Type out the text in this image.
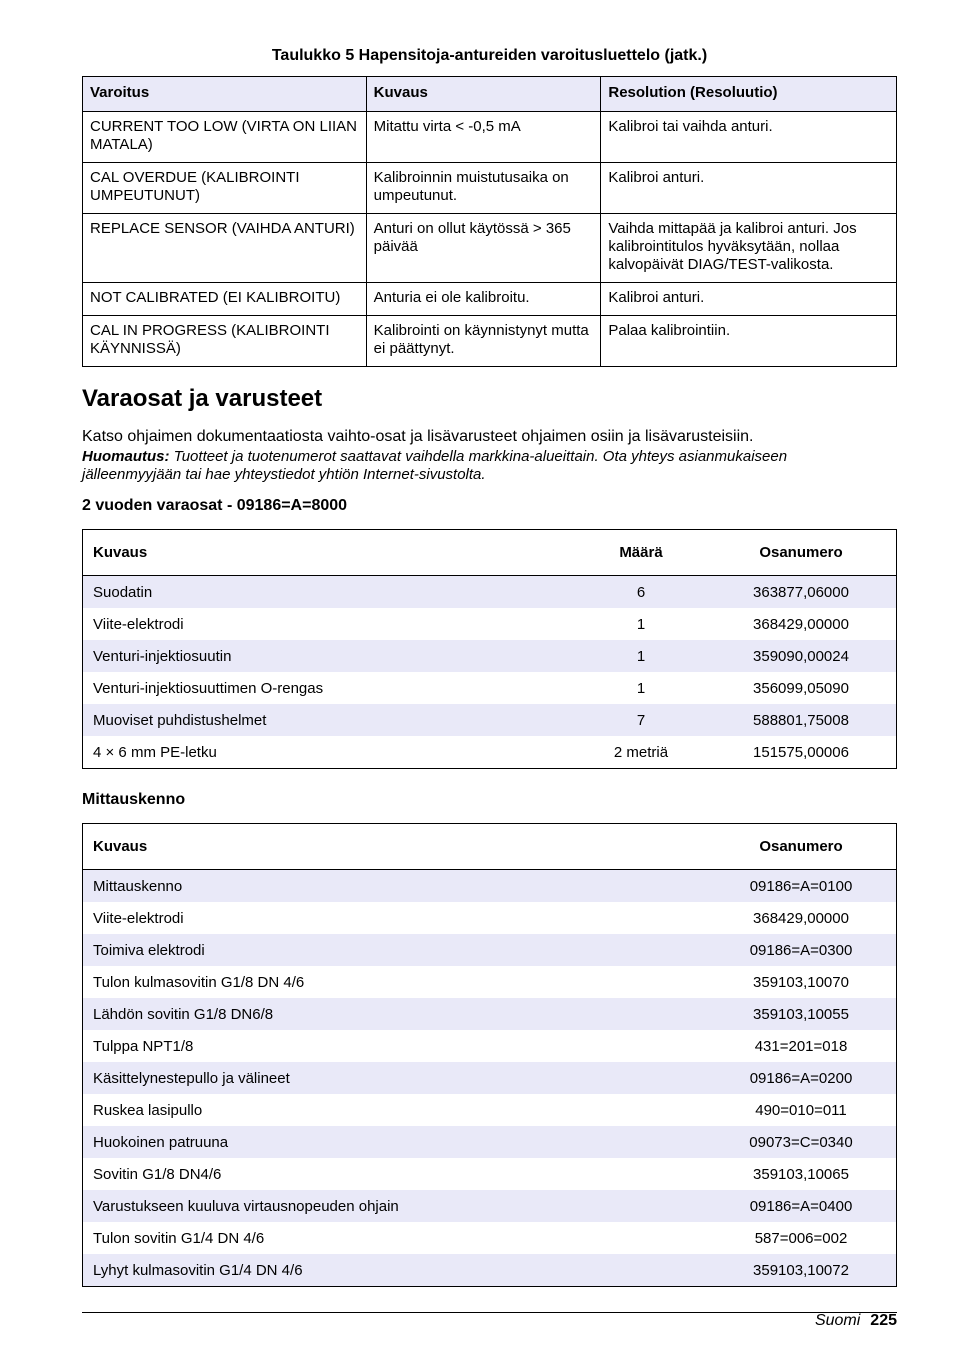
Taulukko 5 Hapensitoja-antureiden varoitusluettelo (jatk.)
Varoitus	Kuvaus	Resolution (Resoluutio)
CURRENT TOO LOW (VIRTA ON LIIAN MATALA)	Mitattu virta < -0,5 mA	Kalibroi tai vaihda anturi.
CAL OVERDUE (KALIBROINTI UMPEUTUNUT)	Kalibroinnin muistutusaika on umpeutunut.	Kalibroi anturi.
REPLACE SENSOR (VAIHDA ANTURI)	Anturi on ollut käytössä > 365 päivää	Vaihda mittapää ja kalibroi anturi. Jos kalibrointitulos hyväksytään, nollaa kalvopäivät DIAG/TEST-valikosta.
NOT CALIBRATED (EI KALIBROITU)	Anturia ei ole kalibroitu.	Kalibroi anturi.
CAL IN PROGRESS (KALIBROINTI KÄYNNISSÄ)	Kalibrointi on käynnistynyt mutta ei päättynyt.	Palaa kalibrointiin.
Varaosat ja varusteet

Katso ohjaimen dokumentaatiosta vaihto-osat ja lisävarusteet ohjaimen osiin ja lisävarusteisiin.

Huomautus: Tuotteet ja tuotenumerot saattavat vaihdella markkina-alueittain. Ota yhteys asianmukaiseen jälleenmyyjään tai hae yhteystiedot yhtiön Internet-sivustolta.

2 vuoden varaosat - 09186=A=8000
Kuvaus	Määrä	Osanumero
Suodatin	6	363877,06000
Viite-elektrodi	1	368429,00000
Venturi-injektiosuutin	1	359090,00024
Venturi-injektiosuuttimen O-rengas	1	356099,05090
Muoviset puhdistushelmet	7	588801,75008
4 × 6 mm PE-letku	2 metriä	151575,00006
Mittauskenno
Kuvaus	Osanumero
Mittauskenno	09186=A=0100
Viite-elektrodi	368429,00000
Toimiva elektrodi	09186=A=0300
Tulon kulmasovitin G1/8 DN 4/6	359103,10070
Lähdön sovitin G1/8 DN6/8	359103,10055
Tulppa NPT1/8	431=201=018
Käsittelynestepullo ja välineet	09186=A=0200
Ruskea lasipullo	490=010=011
Huokoinen patruuna	09073=C=0340
Sovitin G1/8 DN4/6	359103,10065
Varustukseen kuuluva virtausnopeuden ohjain	09186=A=0400
Tulon sovitin G1/4 DN 4/6	587=006=002
Lyhyt kulmasovitin G1/4 DN 4/6	359103,10072
Suomi 225
